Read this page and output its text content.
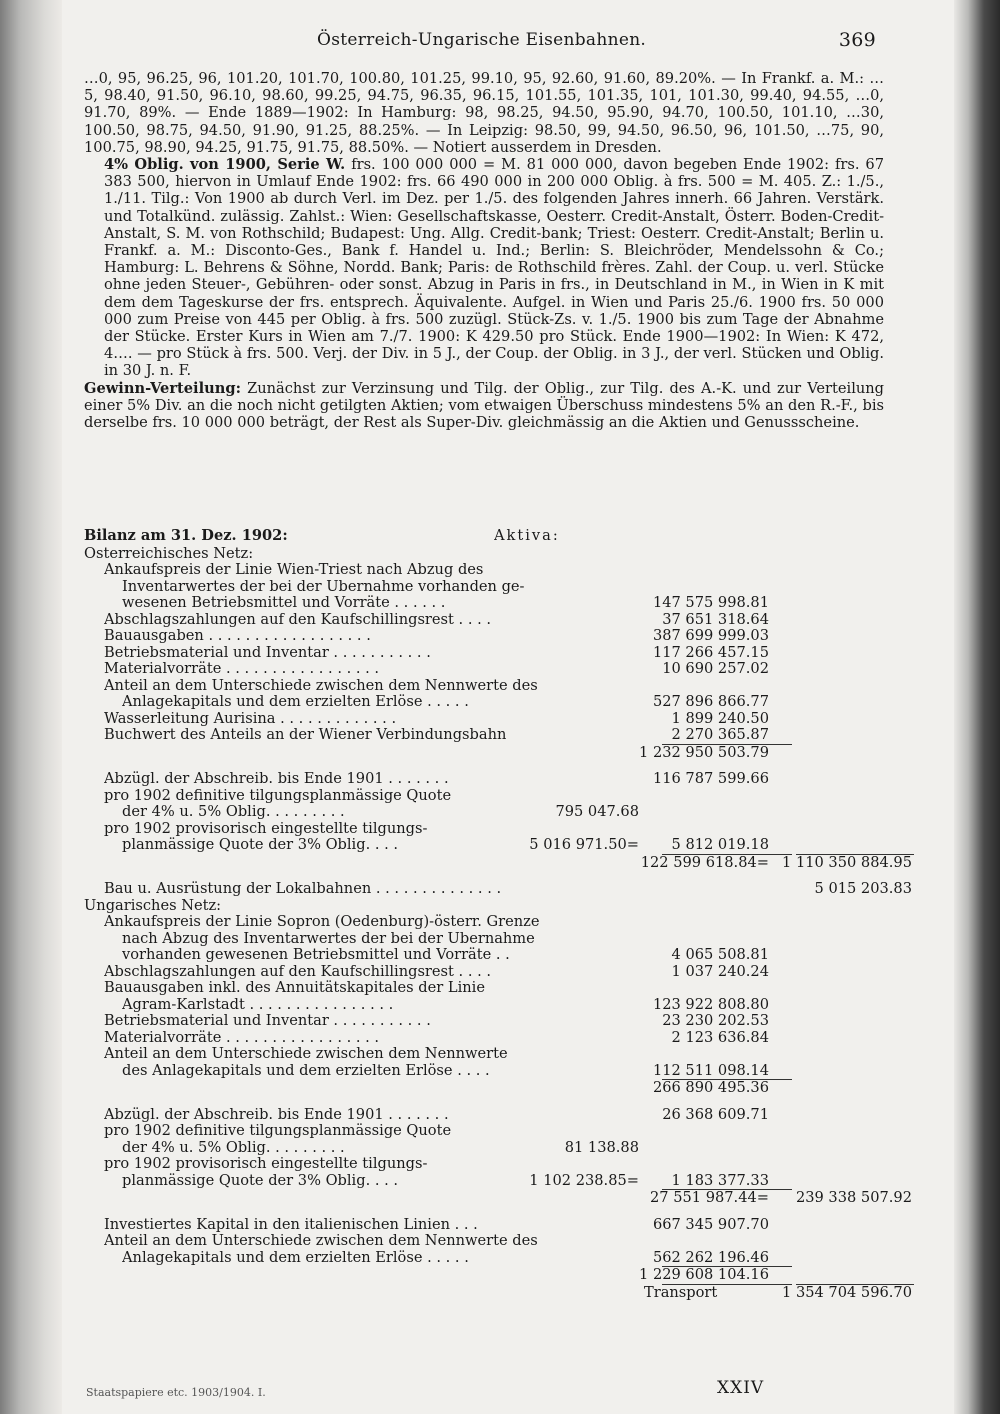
Österreich-Ungarische Eisenbahnen.	369

…0, 95, 96.25, 96, 101.20, 101.70, 100.80, 101.25, 99.10, 95, 92.60, 91.60, 89.20%. — In Frankf. a. M.: …5, 98.40, 91.50, 96.10, 98.60, 99.25, 94.75, 96.35, 96.15, 101.55, 101.35, 101, 101.30, 99.40, 94.55, …0, 91.70, 89%. — Ende 1889—1902: In Hamburg: 98, 98.25, 94.50, 95.90, 94.70, 100.50, 101.10, …30, 100.50, 98.75, 94.50, 91.90, 91.25, 88.25%. — In Leipzig: 98.50, 99, 94.50, 96.50, 96, 101.50, …75, 90, 100.75, 98.90, 94.25, 91.75, 91.75, 88.50%. — Notiert ausserdem in Dresden.

4% Oblig. von 1900, Serie W. frs. 100 000 000 = M. 81 000 000, davon begeben Ende 1902: frs. 67 383 500, hiervon in Umlauf Ende 1902: frs. 66 490 000 in 200 000 Oblig. à frs. 500 = M. 405. Z.: 1./5., 1./11. Tilg.: Von 1900 ab durch Verl. im Dez. per 1./5. des folgenden Jahres innerh. 66 Jahren. Verstärk. und Totalkünd. zulässig. Zahlst.: Wien: Gesellschaftskasse, Oesterr. Credit-Anstalt, Österr. Boden-Credit-Anstalt, S. M. von Rothschild; Budapest: Ung. Allg. Credit-bank; Triest: Oesterr. Credit-Anstalt; Berlin u. Frankf. a. M.: Disconto-Ges., Bank f. Handel u. Ind.; Berlin: S. Bleichröder, Mendelssohn & Co.; Hamburg: L. Behrens & Söhne, Nordd. Bank; Paris: de Rothschild frères. Zahl. der Coup. u. verl. Stücke ohne jeden Steuer-, Gebühren- oder sonst. Abzug in Paris in frs., in Deutschland in M., in Wien in K mit dem dem Tageskurse der frs. entsprech. Äquivalente. Aufgel. in Wien und Paris 25./6. 1900 frs. 50 000 000 zum Preise von 445 per Oblig. à frs. 500 zuzügl. Stück-Zs. v. 1./5. 1900 bis zum Tage der Abnahme der Stücke. Erster Kurs in Wien am 7./7. 1900: K 429.50 pro Stück. Ende 1900—1902: In Wien: K 472, 4…. — pro Stück à frs. 500. Verj. der Div. in 5 J., der Coup. der Oblig. in 3 J., der verl. Stücken und Oblig. in 30 J. n. F.

Gewinn-Verteilung: Zunächst zur Verzinsung und Tilg. der Oblig., zur Tilg. des A.-K. und zur Verteilung einer 5% Div. an die noch nicht getilgten Aktien; vom etwaigen Überschuss mindestens 5% an den R.-F., bis derselbe frs. 10 000 000 beträgt, der Rest als Super-Div. gleichmässig an die Aktien und Genussscheine.

Bilanz am 31. Dez. 1902:	Aktiva:
Österreichisches Netz:
Ankaufspreis der Linie Wien-Triest nach Abzug des
Inventarwertes der bei der Übernahme vorhanden ge-
wesenen Betriebsmittel und Vorräte . . . . . .	147 575 998.81
Abschlagszahlungen auf den Kaufschillingsrest . . . .	37 651 318.64
Bauausgaben . . . . . . . . . . . . . . . . . .	387 699 999.03
Betriebsmaterial und Inventar . . . . . . . . . . .	117 266 457.15
Materialvorräte . . . . . . . . . . . . . . . . .	10 690 257.02
Anteil an dem Unterschiede zwischen dem Nennwerte des
Anlagekapitals und dem erzielten Erlöse . . . . .	527 896 866.77
Wasserleitung Aurisina . . . . . . . . . . . . .	1 899 240.50
Buchwert des Anteils an der Wiener Verbindungsbahn	2 270 365.87
1 232 950 503.79
Abzügl. der Abschreib. bis Ende 1901 . . . . . . .	116 787 599.66
pro 1902 definitive tilgungsplanmässige Quote
der 4% u. 5% Oblig. . . . . . . . .	795 047.68
pro 1902 provisorisch eingestellte tilgungs-
planmässige Quote der 3% Oblig. . . .	5 016 971.50= 5 812 019.18
122 599 618.84= 1 110 350 884.95
Bau u. Ausrüstung der Lokalbahnen . . . . . . . . . . . . . .	5 015 203.83
Ungarisches Netz:
Ankaufspreis der Linie Sopron (Oedenburg)-österr. Grenze
nach Abzug des Inventarwertes der bei der Übernahme
vorhanden gewesenen Betriebsmittel und Vorräte . .	4 065 508.81
Abschlagszahlungen auf den Kaufschillingsrest . . . .	1 037 240.24
Bauausgaben inkl. des Annuitätskapitales der Linie
Agram-Karlstadt . . . . . . . . . . . . . . . .	123 922 808.80
Betriebsmaterial und Inventar . . . . . . . . . . .	23 230 202.53
Materialvorräte . . . . . . . . . . . . . . . . .	2 123 636.84
Anteil an dem Unterschiede zwischen dem Nennwerte
des Anlagekapitals und dem erzielten Erlöse . . . .	112 511 098.14
266 890 495.36
Abzügl. der Abschreib. bis Ende 1901 . . . . . . .	26 368 609.71
pro 1902 definitive tilgungsplanmässige Quote
der 4% u. 5% Oblig. . . . . . . . .	81 138.88
pro 1902 provisorisch eingestellte tilgungs-
planmässige Quote der 3% Oblig. . . .	1 102 238.85= 1 183 377.33
27 551 987.44= 239 338 507.92
Investiertes Kapital in den italienischen Linien . . .	667 345 907.70
Anteil an dem Unterschiede zwischen dem Nennwerte des
Anlagekapitals und dem erzielten Erlöse . . . . .	562 262 196.46
1 229 608 104.16
Transport	1 354 704 596.70
Staatspapiere etc. 1903/1904. I.	XXIV
